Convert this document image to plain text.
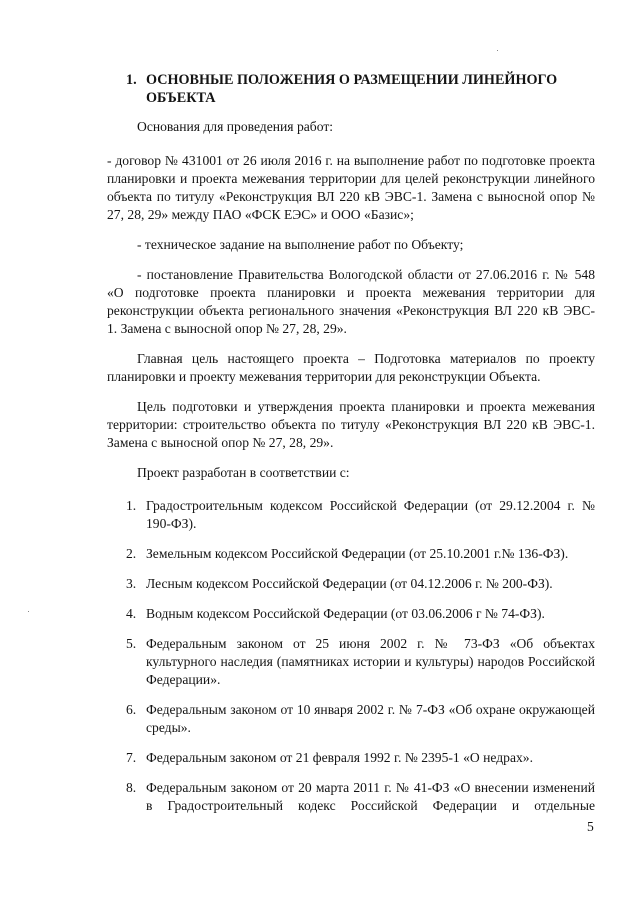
1. ОСНОВНЫЕ ПОЛОЖЕНИЯ О РАЗМЕЩЕНИИ ЛИНЕЙНОГО
ОБЪЕКТА
Основания для проведения работ:
- договор № 431001 от 26 июля 2016 г. на выполнение работ по подготовке проекта
планировки и проекта межевания территории для целей реконструкции линейного
объекта по титулу «Реконструкция ВЛ 220 кВ ЭВС-1. Замена с выносной опор №
27, 28, 29» между ПАО «ФСК ЕЭС» и ООО «Базис»;
- техническое задание на выполнение работ по Объекту;
- постановление Правительства Вологодской области от 27.06.2016 г. № 548
«О подготовке проекта планировки и проекта межевания территории для
реконструкции объекта регионального значения «Реконструкция ВЛ 220 кВ ЭВС-
1. Замена с выносной опор № 27, 28, 29».
Главная цель настоящего проекта – Подготовка материалов по проекту
планировки и проекту межевания территории для реконструкции Объекта.
Цель подготовки и утверждения проекта планировки и проекта межевания
территории: строительство объекта по титулу «Реконструкция ВЛ 220 кВ ЭВС-1.
Замена с выносной опор № 27, 28, 29».
Проект разработан в соответствии с:
1. Градостроительным кодексом Российской Федерации (от 29.12.2004 г. №
190-ФЗ).
2. Земельным кодексом Российской Федерации (от 25.10.2001 г.№ 136-ФЗ).
3. Лесным кодексом Российской Федерации (от 04.12.2006 г. № 200-ФЗ).
4. Водным кодексом Российской Федерации (от 03.06.2006 г № 74-ФЗ).
5. Федеральным законом от 25 июня 2002 г. № 73-ФЗ «Об объектах
культурного наследия (памятниках истории и культуры) народов Российской
Федерации».
6. Федеральным законом от 10 января 2002 г. № 7-ФЗ «Об охране окружающей
среды».
7. Федеральным законом от 21 февраля 1992 г. № 2395-1 «О недрах».
8. Федеральным законом от 20 марта 2011 г. № 41-ФЗ «О внесении изменений
в Градостроительный кодекс Российской Федерации и отдельные
5
